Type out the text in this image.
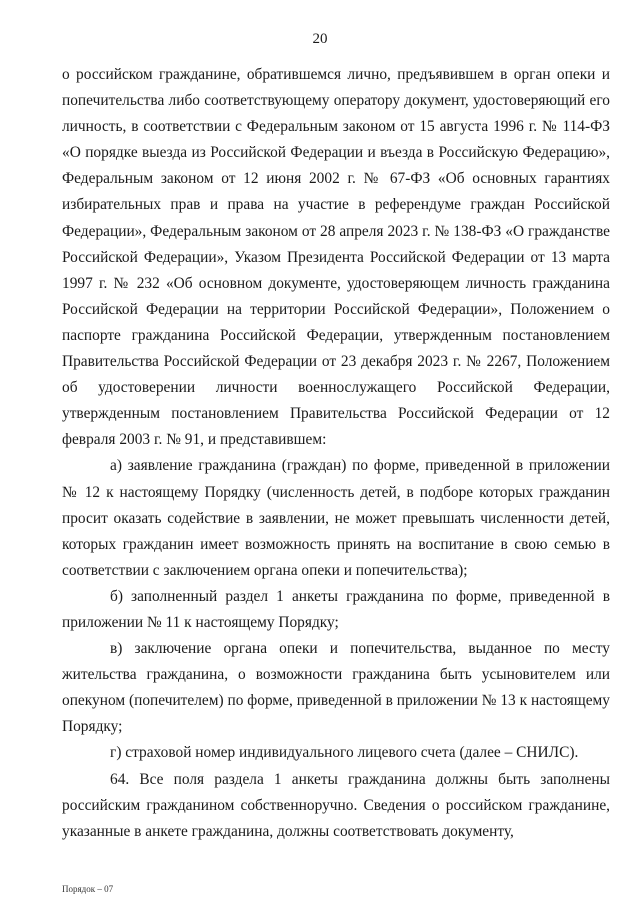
20

о российском гражданине, обратившемся лично, предъявившем в орган опеки и попечительства либо соответствующему оператору документ, удостоверяющий его личность, в соответствии с Федеральным законом от 15 августа 1996 г. № 114-ФЗ «О порядке выезда из Российской Федерации и въезда в Российскую Федерацию», Федеральным законом от 12 июня 2002 г. № 67-ФЗ «Об основных гарантиях избирательных прав и права на участие в референдуме граждан Российской Федерации», Федеральным законом от 28 апреля 2023 г. № 138-ФЗ «О гражданстве Российской Федерации», Указом Президента Российской Федерации от 13 марта 1997 г. № 232 «Об основном документе, удостоверяющем личность гражданина Российской Федерации на территории Российской Федерации», Положением о паспорте гражданина Российской Федерации, утвержденным постановлением Правительства Российской Федерации от 23 декабря 2023 г. № 2267, Положением об удостоверении личности военнослужащего Российской Федерации, утвержденным постановлением Правительства Российской Федерации от 12 февраля 2003 г. № 91, и представившем:

а) заявление гражданина (граждан) по форме, приведенной в приложении № 12 к настоящему Порядку (численность детей, в подборе которых гражданин просит оказать содействие в заявлении, не может превышать численности детей, которых гражданин имеет возможность принять на воспитание в свою семью в соответствии с заключением органа опеки и попечительства);

б) заполненный раздел 1 анкеты гражданина по форме, приведенной в приложении № 11 к настоящему Порядку;

в) заключение органа опеки и попечительства, выданное по месту жительства гражданина, о возможности гражданина быть усыновителем или опекуном (попечителем) по форме, приведенной в приложении № 13 к настоящему Порядку;

г) страховой номер индивидуального лицевого счета (далее – СНИЛС).

64. Все поля раздела 1 анкеты гражданина должны быть заполнены российским гражданином собственноручно. Сведения о российском гражданине, указанные в анкете гражданина, должны соответствовать документу,

Порядок – 07
